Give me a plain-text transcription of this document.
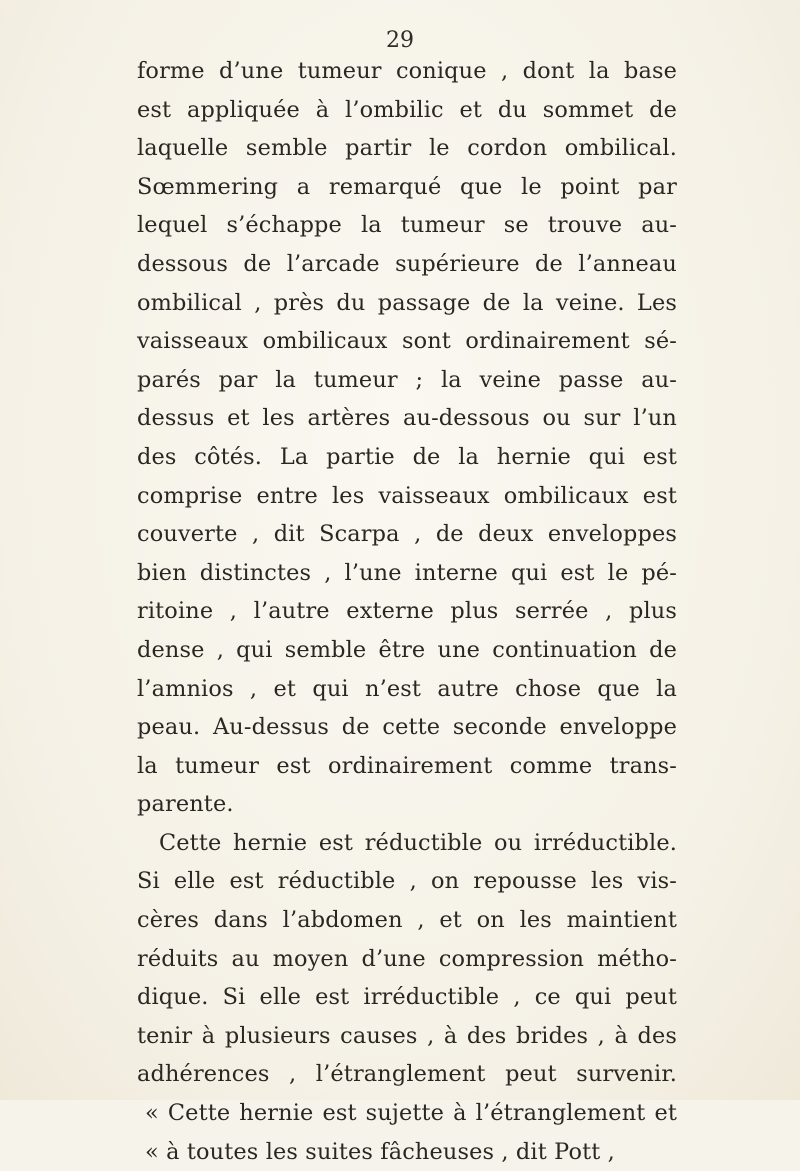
29
forme d’une tumeur conique , dont la base
est appliquée à l’ombilic et du sommet de
laquelle semble partir le cordon ombilical.
Sœmmering a remarqué que le point par
lequel s’échappe la tumeur se trouve au-
dessous de l’arcade supérieure de l’anneau
ombilical , près du passage de la veine. Les
vaisseaux ombilicaux sont ordinairement sé-
parés par la tumeur ; la veine passe au-
dessus et les artères au-dessous ou sur l’un
des côtés. La partie de la hernie qui est
comprise entre les vaisseaux ombilicaux est
couverte , dit Scarpa , de deux enveloppes
bien distinctes , l’une interne qui est le pé-
ritoine , l’autre externe plus serrée , plus
dense , qui semble être une continuation de
l’amnios , et qui n’est autre chose que la
peau. Au-dessus de cette seconde enveloppe
la tumeur est ordinairement comme trans-
parente.
Cette hernie est réductible ou irréductible.
Si elle est réductible , on repousse les vis-
cères dans l’abdomen , et on les maintient
réduits au moyen d’une compression métho-
dique. Si elle est irréductible , ce qui peut
tenir à plusieurs causes , à des brides , à des
adhérences , l’étranglement peut survenir.
« Cette hernie est sujette à l’étranglement et
« à toutes les suites fâcheuses , dit Pott ,
